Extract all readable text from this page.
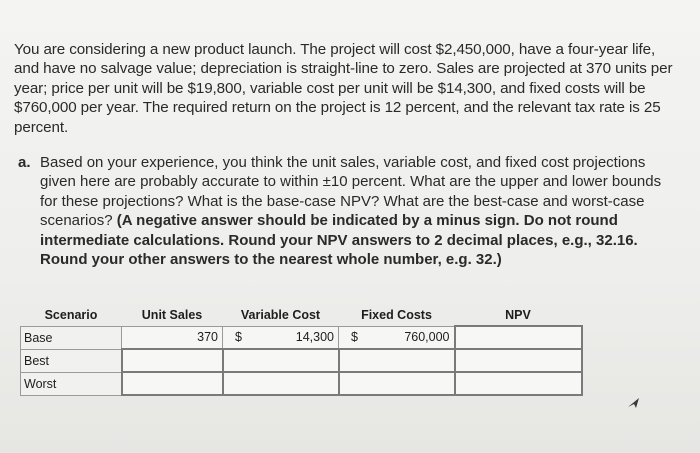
You are considering a new product launch. The project will cost $2,450,000, have a four-year life, and have no salvage value; depreciation is straight-line to zero. Sales are projected at 370 units per year; price per unit will be $19,800, variable cost per unit will be $14,300, and fixed costs will be $760,000 per year. The required return on the project is 12 percent, and the relevant tax rate is 25 percent.
a. Based on your experience, you think the unit sales, variable cost, and fixed cost projections given here are probably accurate to within ±10 percent. What are the upper and lower bounds for these projections? What is the base-case NPV? What are the best-case and worst-case scenarios? (A negative answer should be indicated by a minus sign. Do not round intermediate calculations. Round your NPV answers to 2 decimal places, e.g., 32.16. Round your other answers to the nearest whole number, e.g. 32.)
Scenario	Unit Sales	Variable Cost	Fixed Costs	NPV
Base	370	$ 14,300	$ 760,000	

Best				
Worst				
